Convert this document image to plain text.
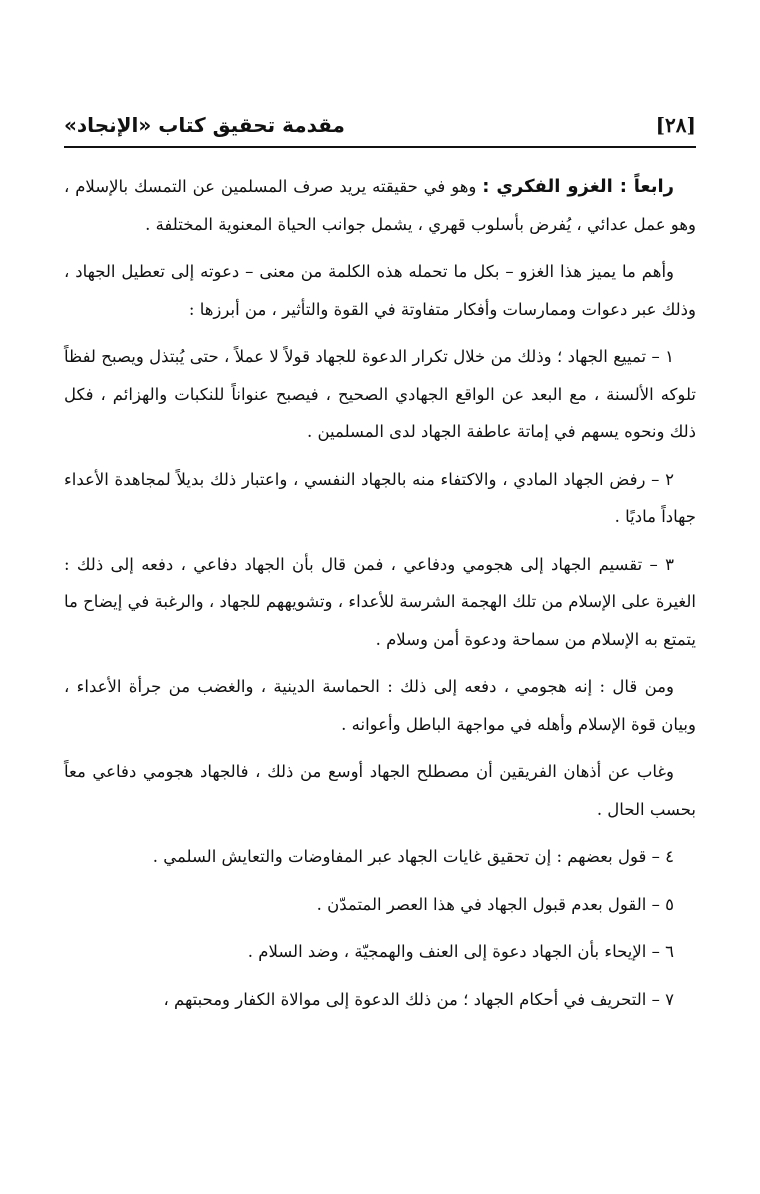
[٢٨]
مقدمة تحقيق كتاب «الإنجاد»

رابعاً : الغزو الفكري : وهو في حقيقته يريد صرف المسلمين عن التمسك بالإسلام ، وهو عمل عدائي ، يُفرض بأسلوب قهري ، يشمل جوانب الحياة المعنوية المختلفة .

وأهم ما يميز هذا الغزو – بكل ما تحمله هذه الكلمة من معنى – دعوته إلى تعطيل الجهاد ، وذلك عبر دعوات وممارسات وأفكار متفاوتة في القوة والتأثير ، من أبرزها :

١ – تمييع الجهاد ؛ وذلك من خلال تكرار الدعوة للجهاد قولاً لا عملاً ، حتى يُبتذل ويصبح لفظاً تلوكه الألسنة ، مع البعد عن الواقع الجهادي الصحيح ، فيصبح عنواناً للنكبات والهزائم ، فكل ذلك ونحوه يسهم في إماتة عاطفة الجهاد لدى المسلمين .

٢ – رفض الجهاد المادي ، والاكتفاء منه بالجهاد النفسي ، واعتبار ذلك بديلاً لمجاهدة الأعداء جهاداً ماديًا .

٣ – تقسيم الجهاد إلى هجومي ودفاعي ، فمن قال بأن الجهاد دفاعي ، دفعه إلى ذلك : الغيرة على الإسلام من تلك الهجمة الشرسة للأعداء ، وتشويههم للجهاد ، والرغبة في إيضاح ما يتمتع به الإسلام من سماحة ودعوة أمن وسلام .

ومن قال : إنه هجومي ، دفعه إلى ذلك : الحماسة الدينية ، والغضب من جرأة الأعداء ، وبيان قوة الإسلام وأهله في مواجهة الباطل وأعوانه .

وغاب عن أذهان الفريقين أن مصطلح الجهاد أوسع من ذلك ، فالجهاد هجومي دفاعي معاً بحسب الحال .

٤ – قول بعضهم : إن تحقيق غايات الجهاد عبر المفاوضات والتعايش السلمي .

٥ – القول بعدم قبول الجهاد في هذا العصر المتمدّن .

٦ – الإيحاء بأن الجهاد دعوة إلى العنف والهمجيّة ، وضد السلام .

٧ – التحريف في أحكام الجهاد ؛ من ذلك الدعوة إلى موالاة الكفار ومحبتهم ،
